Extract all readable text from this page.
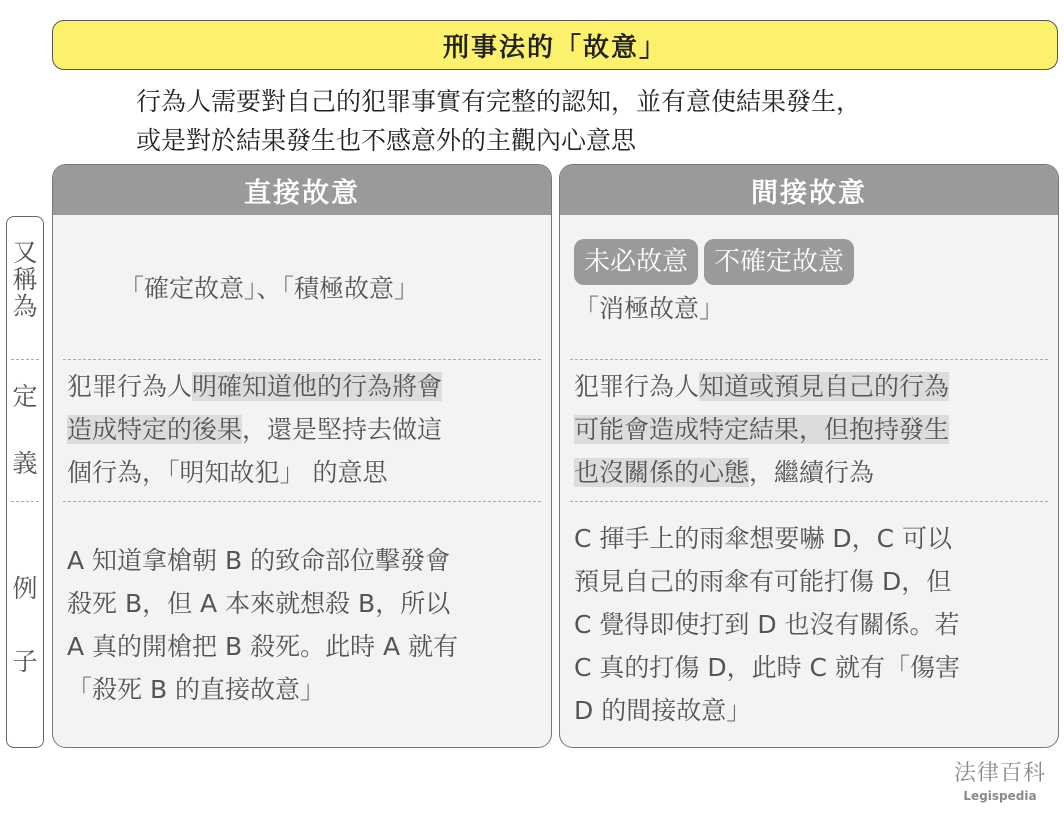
刑事法的「故意」
行為人需要對自己的犯罪事實有完整的認知，並有意使結果發生，
或是對於結果發生也不感意外的主觀內心意思
又
稱
為
定
義
例
子
直接故意
「確定故意」、「積極故意」
犯罪行為人明確知道他的行為將會
造成特定的後果，還是堅持去做這
個行為，「明知故犯」 的意思
A 知道拿槍朝 B 的致命部位擊發會
殺死 B，但 A 本來就想殺 B，所以
A 真的開槍把 B 殺死。此時 A 就有
「殺死 B 的直接故意」
間接故意
未必故意 不確定故意
「消極故意」
犯罪行為人知道或預見自己的行為
可能會造成特定結果，但抱持發生
也沒關係的心態，繼續行為
C 揮手上的雨傘想要嚇 D，C 可以
預見自己的雨傘有可能打傷 D，但
C 覺得即使打到 D 也沒有關係。若
C 真的打傷 D，此時 C 就有「傷害
D 的間接故意」
法律百科
Legispedia
